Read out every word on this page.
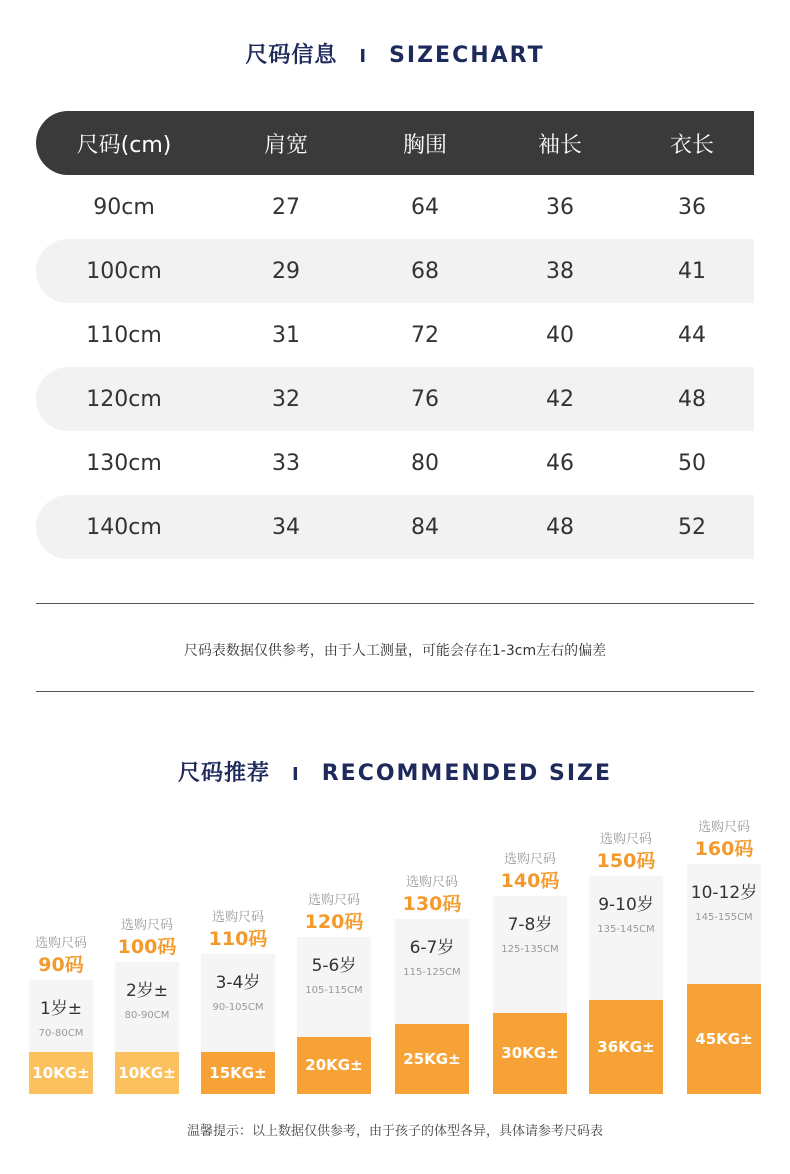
尺码信息 I SIZECHART
尺码(cm)	肩宽	胸围	袖长	衣长
90cm	27	64	36	36
100cm	29	68	38	41
110cm	31	72	40	44
120cm	32	76	42	48
130cm	33	80	46	50
140cm	34	84	48	52
尺码表数据仅供参考，由于人工测量，可能会存在1-3cm左右的偏差
尺码推荐 I RECOMMENDED SIZE
选购尺码
90码
1岁±
70-80CM
10KG±
选购尺码
100码
2岁±
80-90CM
10KG±
选购尺码
110码
3-4岁
90-105CM
15KG±
选购尺码
120码
5-6岁
105-115CM
20KG±
选购尺码
130码
6-7岁
115-125CM
25KG±
选购尺码
140码
7-8岁
125-135CM
30KG±
选购尺码
150码
9-10岁
135-145CM
36KG±
选购尺码
160码
10-12岁
145-155CM
45KG±
温馨提示：以上数据仅供参考，由于孩子的体型各异，具体请参考尺码表
